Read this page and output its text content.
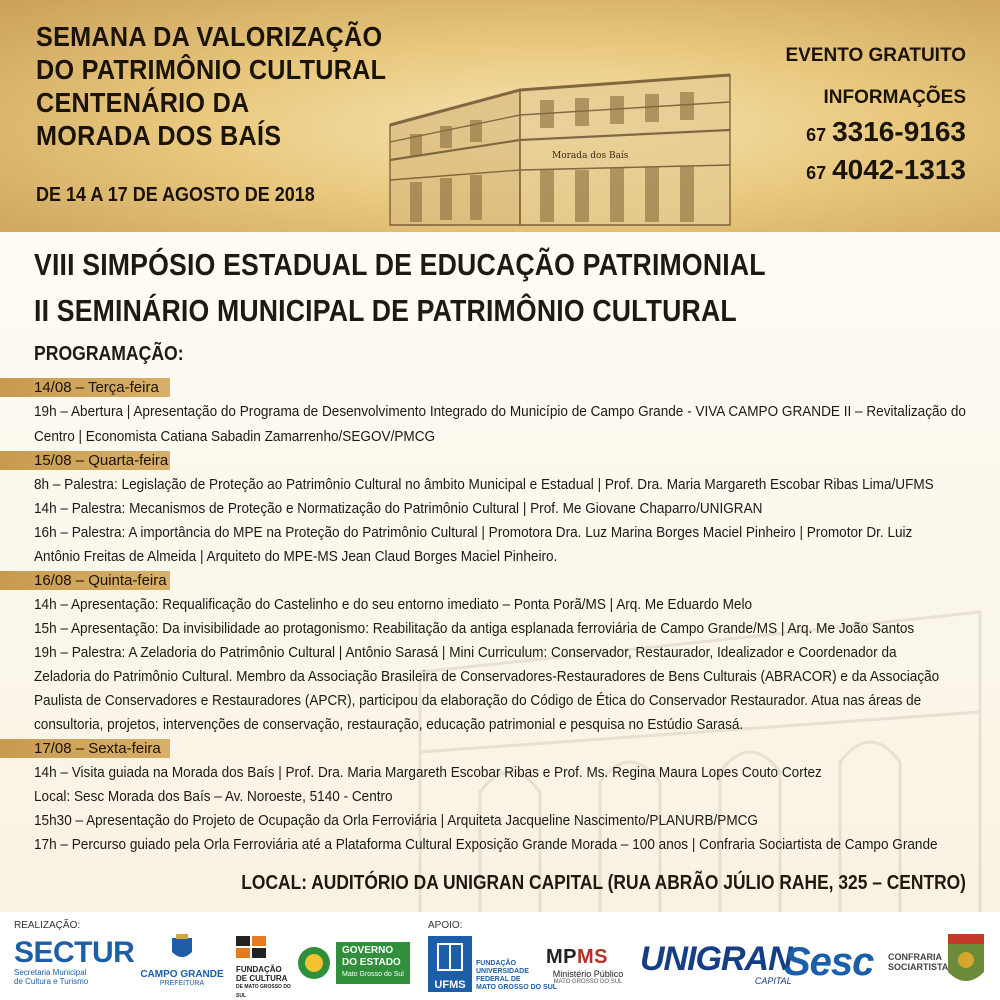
Morada dos Baís
SEMANA DA VALORIZAÇÃO
DO PATRIMÔNIO CULTURAL
CENTENÁRIO DA
MORADA DOS BAÍS
DE 14 A 17 DE AGOSTO DE 2018
EVENTO GRATUITO
INFORMAÇÕES
67 3316-9163
67 4042-1313
VIII SIMPÓSIO ESTADUAL DE EDUCAÇÃO PATRIMONIAL
II SEMINÁRIO MUNICIPAL DE PATRIMÔNIO CULTURAL
PROGRAMAÇÃO:
14/08 – Terça-feira
19h – Abertura | Apresentação do Programa de Desenvolvimento Integrado do Município de Campo Grande - VIVA CAMPO GRANDE II – Revitalização do
Centro | Economista Catiana Sabadin Zamarrenho/SEGOV/PMCG
15/08 – Quarta-feira
8h – Palestra: Legislação de Proteção ao Patrimônio Cultural no âmbito Municipal e Estadual | Prof. Dra. Maria Margareth Escobar Ribas Lima/UFMS
14h – Palestra: Mecanismos de Proteção e Normatização do Patrimônio Cultural | Prof. Me Giovane Chaparro/UNIGRAN
16h – Palestra: A importância do MPE na Proteção do Patrimônio Cultural | Promotora Dra. Luz Marina Borges Maciel Pinheiro | Promotor Dr. Luiz
Antônio Freitas de Almeida | Arquiteto do MPE-MS Jean Claud Borges Maciel Pinheiro.
16/08 – Quinta-feira
14h – Apresentação: Requalificação do Castelinho e do seu entorno imediato – Ponta Porã/MS | Arq. Me Eduardo Melo
15h – Apresentação: Da invisibilidade ao protagonismo: Reabilitação da antiga esplanada ferroviária de Campo Grande/MS | Arq. Me João Santos
19h – Palestra: A Zeladoria do Patrimônio Cultural | Antônio Sarasá | Mini Curriculum: Conservador, Restaurador, Idealizador e Coordenador da
Zeladoria do Patrimônio Cultural. Membro da Associação Brasileira de Conservadores-Restauradores de Bens Culturais (ABRACOR) e da Associação
Paulista de Conservadores e Restauradores (APCR), participou da elaboração do Código de Ética do Conservador Restaurador. Atua nas áreas de
consultoria, projetos, intervenções de conservação, restauração, educação patrimonial e pesquisa no Estúdio Sarasá.
17/08 – Sexta-feira
14h – Visita guiada na Morada dos Baís | Prof. Dra. Maria Margareth Escobar Ribas e Prof. Ms. Regina Maura Lopes Couto Cortez
Local: Sesc Morada dos Baís – Av. Noroeste, 5140 - Centro
15h30 – Apresentação do Projeto de Ocupação da Orla Ferroviária | Arquiteta Jacqueline Nascimento/PLANURB/PMCG
17h – Percurso guiado pela Orla Ferroviária até a Plataforma Cultural Exposição Grande Morada – 100 anos | Confraria Sociartista de Campo Grande
LOCAL: AUDITÓRIO DA UNIGRAN CAPITAL (RUA ABRÃO JÚLIO RAHE, 325 – CENTRO)
REALIZAÇÃO:	APOIO:
SECTUR
Secretaria Municipal
de Cultura e Turismo
CAMPO GRANDE
PREFEITURA
FUNDAÇÃO
DE CULTURA
DE MATO GROSSO DO SUL
GOVERNO
DO ESTADO
Mato Grosso do Sul
UFMS
FUNDAÇÃO
UNIVERSIDADE
FEDERAL DE
MATO GROSSO DO SUL
MPMS
Ministério Público
MATO GROSSO DO SUL
UNIGRAN
CAPITAL
Sesc CONFRARIA
SOCIARTISTA
